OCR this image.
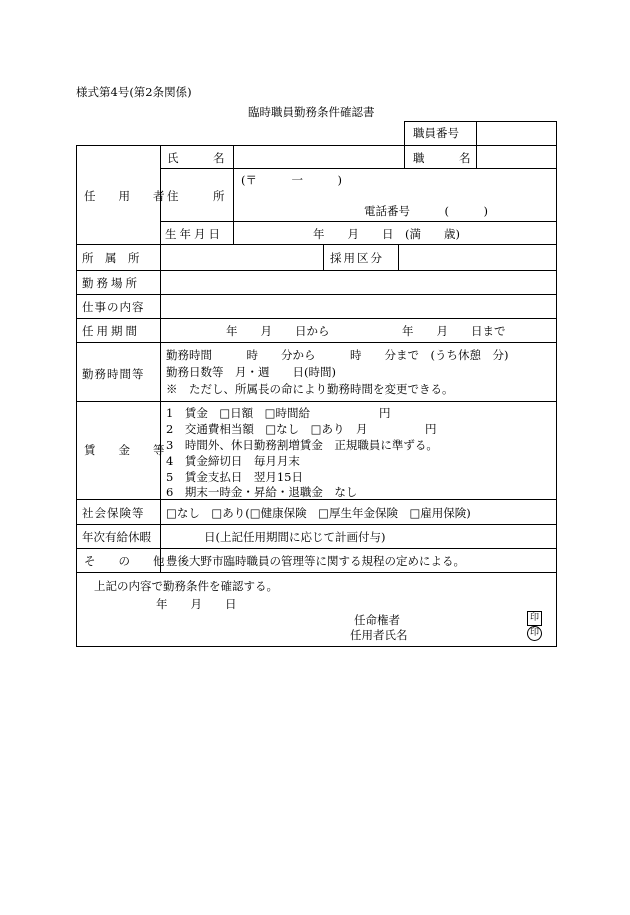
様式第4号(第2条関係)
臨時職員勤務条件確認書
職員番号
任　　用　　者
氏　　　名	職　　　名
住　　　所
(〒　　　一　　　)
電話番号　　　(　　　)
生年月日	年　　月　　日　(満　　歳)
所　属　所	採用区分
勤務場所
仕事の内容
任用期間	年　　月　　日から	年　　月　　日まで
勤務時間等
勤務時間　　　時　　分から　　　時　　分まで　(うち休憩　分)
勤務日数等　月・週　　日(時間)
※　ただし、所属長の命により勤務時間を変更できる。
賃　　金　　等
1　賃金　□日額　□時間給　　　　　　円
2　交通費相当額　□なし　□あり　月　　　　　円
3　時間外、休日勤務割増賃金　正規職員に準ずる。
4　賃金締切日　毎月月末
5　賃金支払日　翌月15日
6　期末一時金・昇給・退職金　なし
社会保険等 □なし　□あり(□健康保険　□厚生年金保険　□雇用保険)
年次有給休暇	日(上記任用期間に応じて計画付与)
そ　　の　　他 豊後大野市臨時職員の管理等に関する規程の定めによる。
上記の内容で勤務条件を確認する。
年　　月　　日
任命権者	印
任用者氏名	印
